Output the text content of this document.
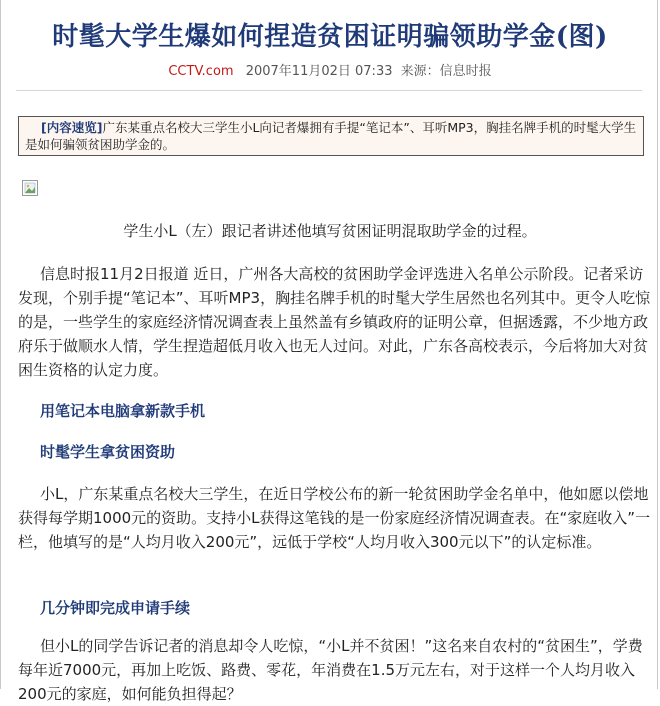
时髦大学生爆如何捏造贫困证明骗领助学金(图)
CCTV.com 2007年11月02日 07:33 来源：信息时报
[内容速览]广东某重点名校大三学生小L向记者爆拥有手提“笔记本”、耳听MP3，胸挂名牌手机的时髦大学生是如何骗领贫困助学金的。
学生小L（左）跟记者讲述他填写贫困证明混取助学金的过程。

信息时报11月2日报道 近日，广州各大高校的贫困助学金评选进入名单公示阶段。记者采访发现，个别手提“笔记本”、耳听MP3，胸挂名牌手机的时髦大学生居然也名列其中。更令人吃惊的是，一些学生的家庭经济情况调查表上虽然盖有乡镇政府的证明公章，但据透露，不少地方政府乐于做顺水人情，学生捏造超低月收入也无人过问。对此，广东各高校表示，今后将加大对贫困生资格的认定力度。

用笔记本电脑拿新款手机
时髦学生拿贫困资助

小L，广东某重点名校大三学生，在近日学校公布的新一轮贫困助学金名单中，他如愿以偿地获得每学期1000元的资助。支持小L获得这笔钱的是一份家庭经济情况调查表。在“家庭收入”一栏，他填写的是“人均月收入200元”，远低于学校“人均月收入300元以下”的认定标准。

几分钟即完成申请手续

但小L的同学告诉记者的消息却令人吃惊，“小L并不贫困！”这名来自农村的“贫困生”，学费每年近7000元，再加上吃饭、路费、零花，年消费在1.5万元左右，对于这样一个人均月收入200元的家庭，如何能负担得起？
